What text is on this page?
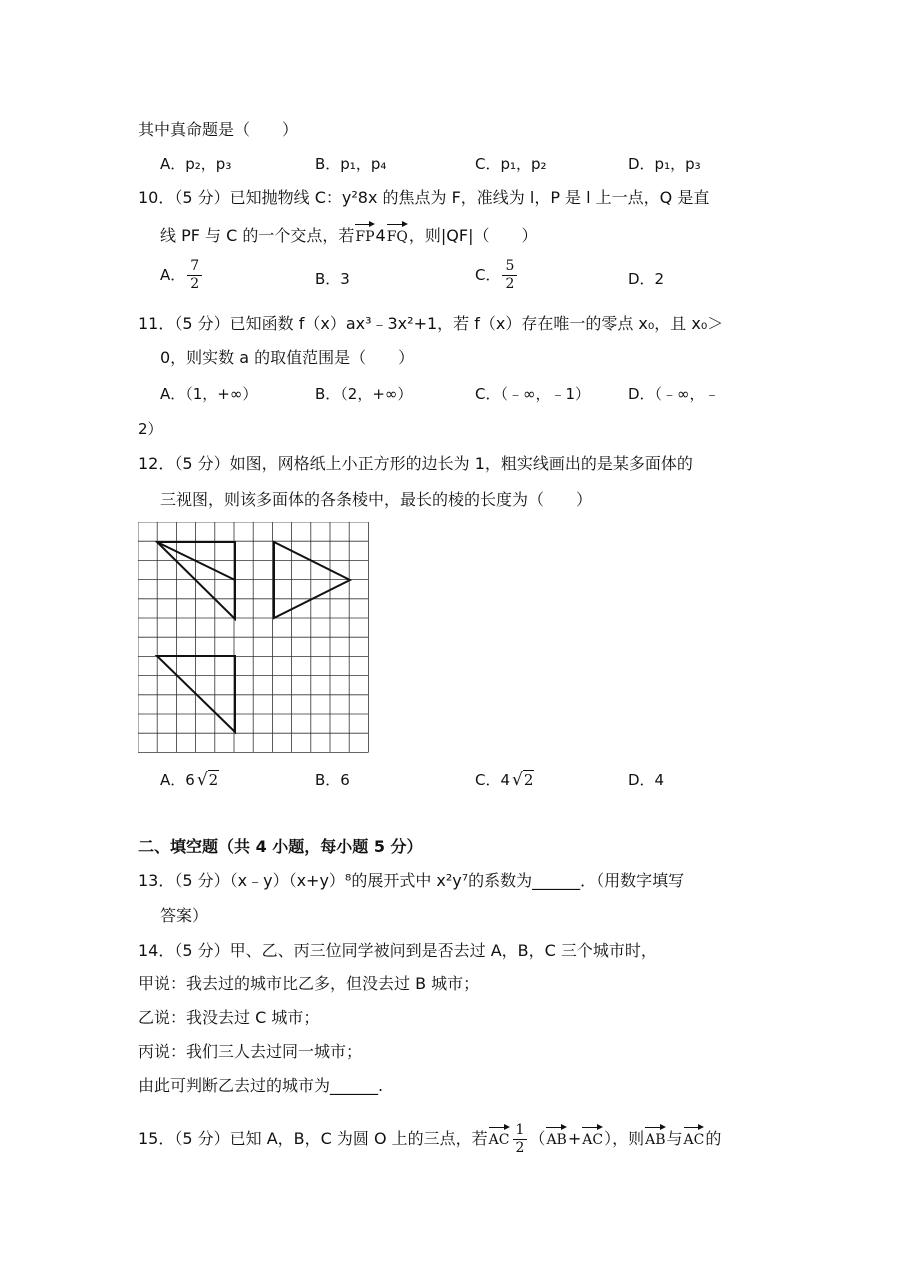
其中真命题是（　　）
A．p₂，p₃	B．p₁，p₄	C．p₁，p₂	D．p₁，p₃
10．（5 分）已知抛物线 C：y²8x 的焦点为 F，准线为 l，P 是 l 上一点，Q 是直
线 PF 与 C 的一个交点，若FP4FQ，则|QF|（　　）
A． $\frac{7}{2}$	B．3	C． $\frac{5}{2}$	D．2
11．（5 分）已知函数 f（x）ax³﹣3x²+1，若 f（x）存在唯一的零点 x₀，且 x₀＞
0，则实数 a 的取值范围是（　　）
A．（1，+∞）	B．（2，+∞）	C．（﹣∞，﹣1）	D．（﹣∞，﹣
2）
12．（5 分）如图，网格纸上小正方形的边长为 1，粗实线画出的是某多面体的
三视图，则该多面体的各条棱中，最长的棱的长度为（　　）
A．6 √2	B．6	C．4 √2	D．4
二、填空题（共 4 小题，每小题 5 分）
13．（5 分）（x﹣y）（x+y）⁸的展开式中 x²y⁷的系数为______．（用数字填写
答案）
14．（5 分）甲、乙、丙三位同学被问到是否去过 A，B，C 三个城市时，
甲说：我去过的城市比乙多，但没去过 B 城市；
乙说：我没去过 C 城市；
丙说：我们三人去过同一城市；
由此可判断乙去过的城市为______.
15．（5 分）已知 A，B，C 为圆 O 上的三点，若AC $\frac{1}{2} (AB+AC)$，则AB与AC的
